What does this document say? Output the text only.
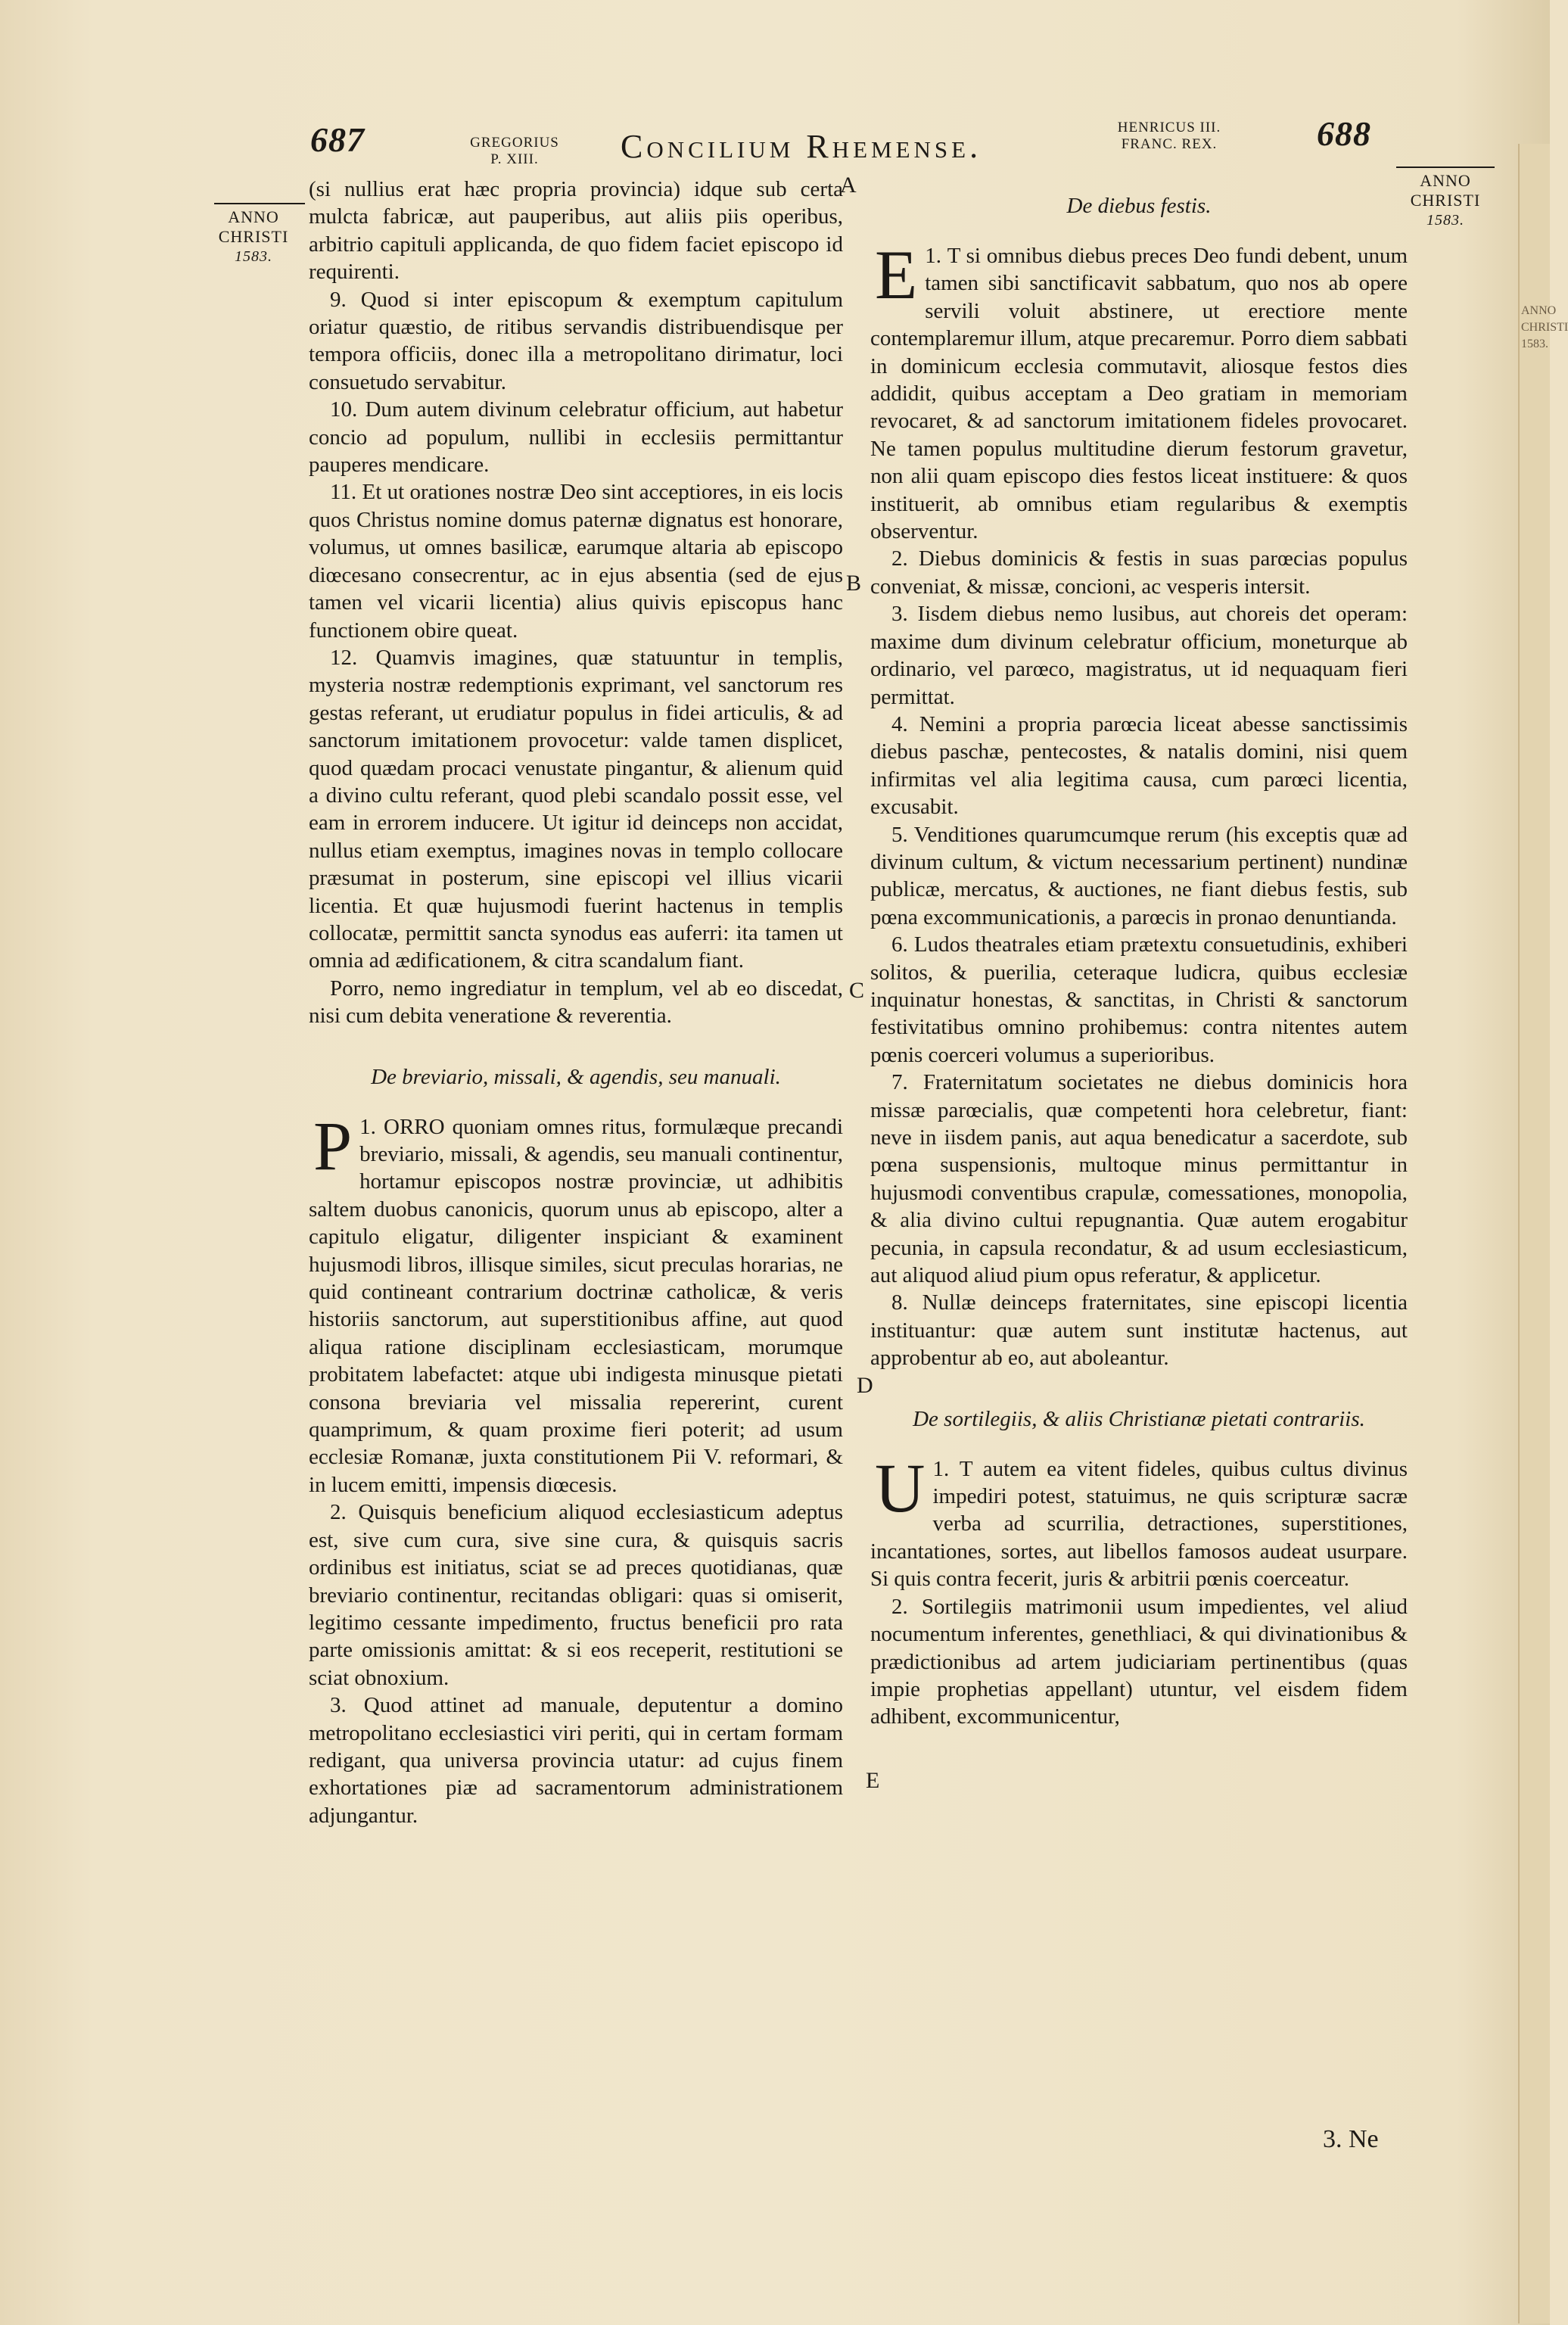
ANNO CHRISTI 1583.
687	GREGORIUS
P. XIII.	Concilium Rhemense.
HENRICUS III.
FRANC. REX.	688
ANNO
CHRISTI
1583.
ANNO
CHRISTI
1583.
A
B
C
D
E

(si nullius erat hæc propria provincia) idque sub certa mulcta fabricæ, aut pauperibus, aut aliis piis operibus, arbitrio capituli applicanda, de quo fidem faciet episcopo id requirenti.

9. Quod si inter episcopum & exemptum capitulum oriatur quæstio, de ritibus servandis distribuendisque per tempora officiis, donec illa a metropolitano dirimatur, loci consuetudo servabitur.

10. Dum autem divinum celebratur officium, aut habetur concio ad populum, nullibi in ecclesiis permittantur pauperes mendicare.

11. Et ut orationes nostræ Deo sint acceptiores, in eis locis quos Christus nomine domus paternæ dignatus est honorare, volumus, ut omnes basilicæ, earumque altaria ab episcopo diœcesano consecrentur, ac in ejus absentia (sed de ejus tamen vel vicarii licentia) alius quivis episcopus hanc functionem obire queat.

12. Quamvis imagines, quæ statuuntur in templis, mysteria nostræ redemptionis exprimant, vel sanctorum res gestas referant, ut erudiatur populus in fidei articulis, & ad sanctorum imitationem provocetur: valde tamen displicet, quod quædam procaci venustate pingantur, & alienum quid a divino cultu referant, quod plebi scandalo possit esse, vel eam in errorem inducere. Ut igitur id deinceps non accidat, nullus etiam exemptus, imagines novas in templo collocare præsumat in posterum, sine episcopi vel illius vicarii licentia. Et quæ hujusmodi fuerint hactenus in templis collocatæ, permittit sancta synodus eas auferri: ita tamen ut omnia ad ædificationem, & citra scandalum fiant.

Porro, nemo ingrediatur in templum, vel ab eo discedat, nisi cum debita veneratione & reverentia.

De breviario, missali, & agendis, seu manuali.

1.
P ORRO quoniam omnes ritus, formulæque precandi breviario, missali, & agendis, seu manuali continentur, hortamur episcopos nostræ provinciæ, ut adhibitis saltem duobus canonicis, quorum unus ab episcopo, alter a capitulo eligatur, diligenter inspiciant & examinent hujusmodi libros, illisque similes, sicut preculas horarias, ne quid contineant contrarium doctrinæ catholicæ, & veris historiis sanctorum, aut superstitionibus affine, aut quod aliqua ratione disciplinam ecclesiasticam, morumque probitatem labefactet: atque ubi indigesta minusque pietati consona breviaria vel missalia repererint, curent quamprimum, & quam proxime fieri poterit; ad usum ecclesiæ Romanæ, juxta constitutionem Pii V. reformari, & in lucem emitti, impensis diœcesis.

2. Quisquis beneficium aliquod ecclesiasticum adeptus est, sive cum cura, sive sine cura, & quisquis sacris ordinibus est initiatus, sciat se ad preces quotidianas, quæ breviario continentur, recitandas obligari: quas si omiserit, legitimo cessante impedimento, fructus beneficii pro rata parte omissionis amittat: & si eos receperit, restitutioni se sciat obnoxium.

3. Quod attinet ad manuale, deputentur a domino metropolitano ecclesiastici viri periti, qui in certam formam redigant, qua universa provincia utatur: ad cujus finem exhortationes piæ ad sacramentorum administrationem adjungantur.

De diebus festis.

1.
E T si omnibus diebus preces Deo fundi debent, unum tamen sibi sanctificavit sabbatum, quo nos ab opere servili voluit abstinere, ut erectiore mente contemplaremur illum, atque precaremur. Porro diem sabbati in dominicum ecclesia commutavit, aliosque festos dies addidit, quibus acceptam a Deo gratiam in memoriam revocaret, & ad sanctorum imitationem fideles provocaret. Ne tamen populus multitudine dierum festorum gravetur, non alii quam episcopo dies festos liceat instituere: & quos instituerit, ab omnibus etiam regularibus & exemptis observentur.

2. Diebus dominicis & festis in suas parœcias populus conveniat, & missæ, concioni, ac vesperis intersit.

3. Iisdem diebus nemo lusibus, aut choreis det operam: maxime dum divinum celebratur officium, moneturque ab ordinario, vel parœco, magistratus, ut id nequaquam fieri permittat.

4. Nemini a propria parœcia liceat abesse sanctissimis diebus paschæ, pentecostes, & natalis domini, nisi quem infirmitas vel alia legitima causa, cum parœci licentia, excusabit.

5. Venditiones quarumcumque rerum (his exceptis quæ ad divinum cultum, & victum necessarium pertinent) nundinæ publicæ, mercatus, & auctiones, ne fiant diebus festis, sub pœna excommunicationis, a parœcis in pronao denuntianda.

6. Ludos theatrales etiam prætextu consuetudinis, exhiberi solitos, & puerilia, ceteraque ludicra, quibus ecclesiæ inquinatur honestas, & sanctitas, in Christi & sanctorum festivitatibus omnino prohibemus: contra nitentes autem pœnis coerceri volumus a superioribus.

7. Fraternitatum societates ne diebus dominicis hora missæ parœcialis, quæ competenti hora celebretur, fiant: neve in iisdem panis, aut aqua benedicatur a sacerdote, sub pœna suspensionis, multoque minus permittantur in hujusmodi conventibus crapulæ, comessationes, monopolia, & alia divino cultui repugnantia. Quæ autem erogabitur pecunia, in capsula recondatur, & ad usum ecclesiasticum, aut aliquod aliud pium opus referatur, & applicetur.

8. Nullæ deinceps fraternitates, sine episcopi licentia instituantur: quæ autem sunt institutæ hactenus, aut approbentur ab eo, aut aboleantur.

De sortilegiis, & aliis Christianæ pietati contrariis.

1.
U T autem ea vitent fideles, quibus cultus divinus impediri potest, statuimus, ne quis scripturæ sacræ verba ad scurrilia, detractiones, superstitiones, incantationes, sortes, aut libellos famosos audeat usurpare. Si quis contra fecerit, juris & arbitrii pœnis coerceatur.

2. Sortilegiis matrimonii usum impedientes, vel aliud nocumentum inferentes, genethliaci, & qui divinationibus & prædictionibus ad artem judiciariam pertinentibus (quas impie prophetias appellant) utuntur, vel eisdem fidem adhibent, excommunicentur,

3. Ne
